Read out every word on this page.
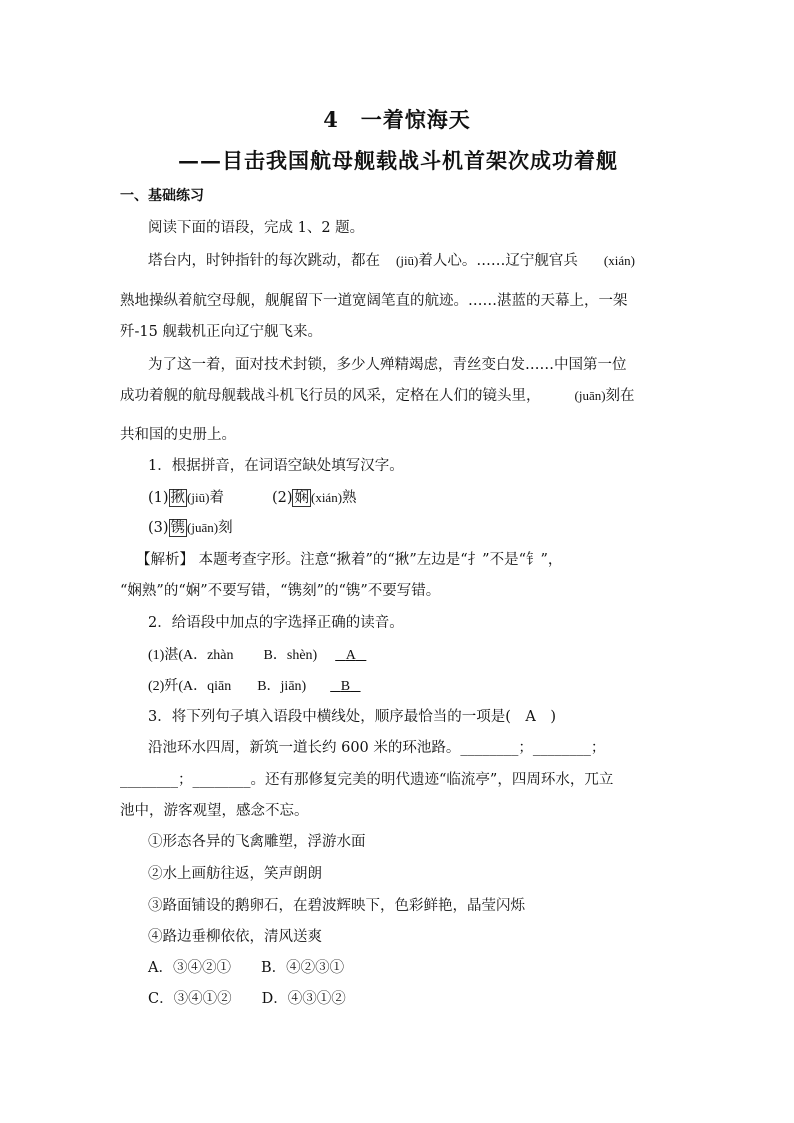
4　一着惊海天
——目击我国航母舰载战斗机首架次成功着舰
一、基础练习
阅读下面的语段，完成 1、2 题。
塔台内，时钟指针的每次跳动，都在 (jiū)着人心。……辽宁舰官兵 (xián)
熟地操纵着航空母舰，舰艉留下一道宽阔笔直的航迹。……湛蓝的天幕上，一架
歼-15 舰载机正向辽宁舰飞来。
为了这一着，面对技术封锁，多少人殚精竭虑，青丝变白发……中国第一位
成功着舰的航母舰载战斗机飞行员的风采，定格在人们的镜头里，	(juān)刻在
共和国的史册上。
1．根据拼音，在词语空缺处填写汉字。
(1) 揪 (jiū)着	(2) 娴 (xián)熟
(3) 镌 (juān)刻
【解析】 本题考查字形。注意“揪着”的“揪”左边是“扌”不是“钅”，
“娴熟”的“娴”不要写错，“镌刻”的“镌”不要写错。
2．给语段中加点的字选择正确的读音。
(1)湛(A．zhàn B．shèn) A
(2)歼(A．qiān B．jiān) B
3．将下列句子填入语段中横线处，顺序最恰当的一项是(　A　)
沿池环水四周，新筑一道长约 600 米的环池路。________；________；
________；________。还有那修复完美的明代遗迹“临流亭”，四周环水，兀立
池中，游客观望，感念不忘。
①形态各异的飞禽雕塑，浮游水面
②水上画舫往返，笑声朗朗
③路面铺设的鹅卵石，在碧波辉映下，色彩鲜艳，晶莹闪烁
④路边垂柳依依，清风送爽
A．③④②① B．④②③①
C．③④①② D．④③①②
